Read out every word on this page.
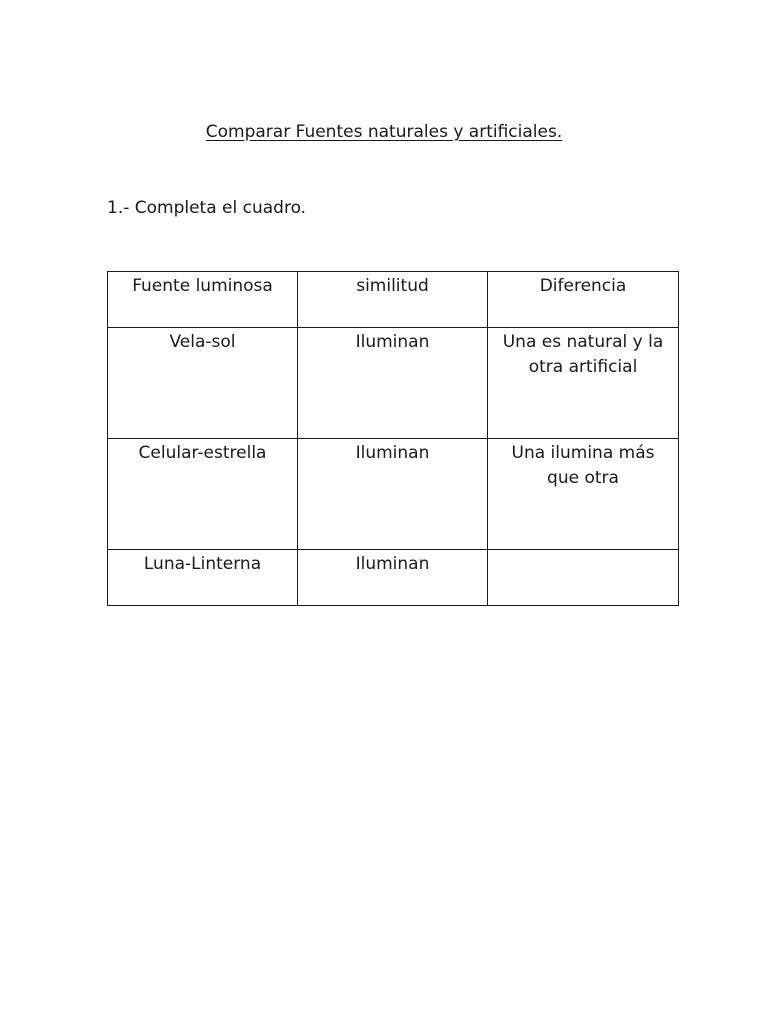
Comparar Fuentes naturales y artificiales.
1.- Completa el cuadro.
Fuente luminosa	similitud	Diferencia
Vela-sol	Iluminan	Una es natural y la otra artificial
Celular-estrella	Iluminan	Una ilumina más que otra
Luna-Linterna	Iluminan	
